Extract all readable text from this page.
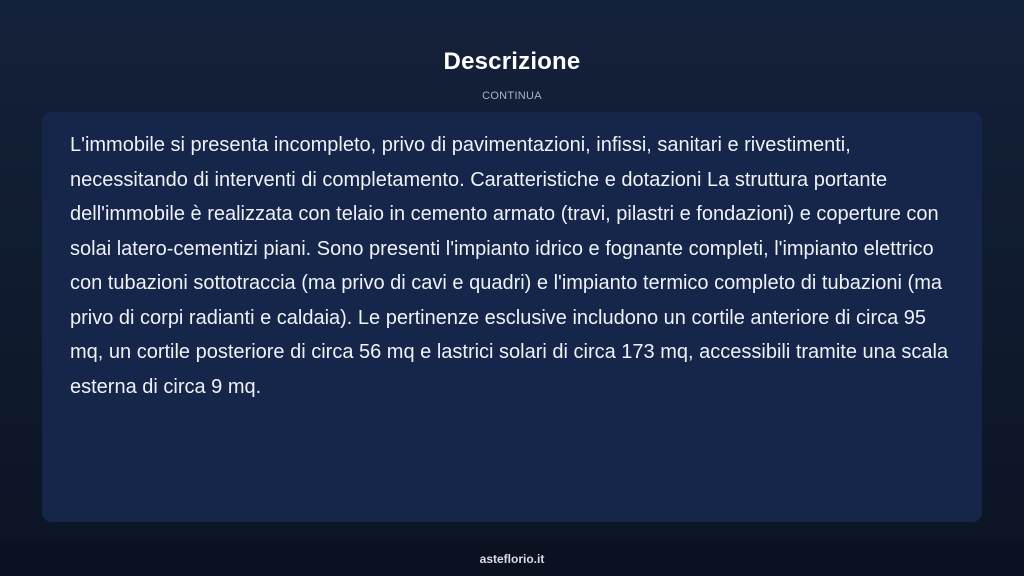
Descrizione
CONTINUA

L'immobile si presenta incompleto, privo di pavimentazioni, infissi, sanitari e rivestimenti, necessitando di interventi di completamento. Caratteristiche e dotazioni La struttura portante dell'immobile è realizzata con telaio in cemento armato (travi, pilastri e fondazioni) e coperture con solai latero-cementizi piani. Sono presenti l'impianto idrico e fognante completi, l'impianto elettrico con tubazioni sottotraccia (ma privo di cavi e quadri) e l'impianto termico completo di tubazioni (ma privo di corpi radianti e caldaia). Le pertinenze esclusive includono un cortile anteriore di circa 95 mq, un cortile posteriore di circa 56 mq e lastrici solari di circa 173 mq, accessibili tramite una scala esterna di circa 9 mq.

asteflorio.it
